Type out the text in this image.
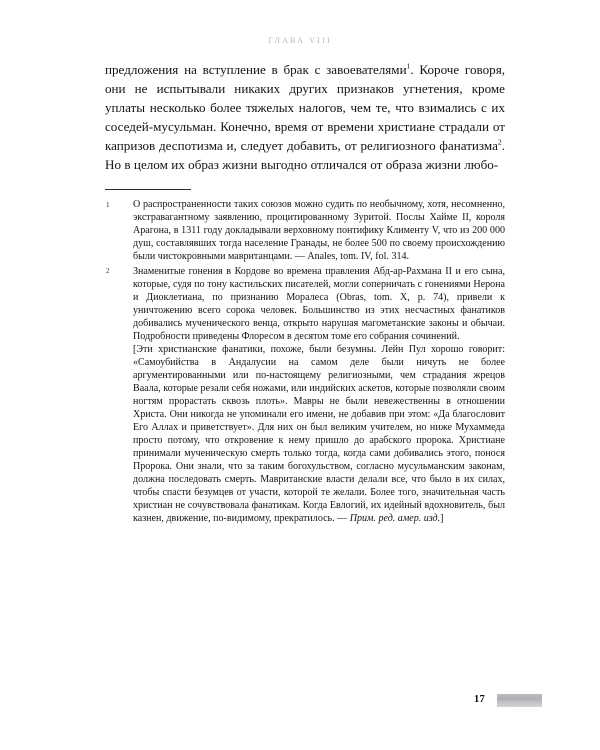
ГЛАВА VIII

предложения на вступление в брак с завоевателями$^1$. Короче говоря, они не испытывали никаких других признаков угнетения, кроме уплаты несколько более тяжелых налогов, чем те, что взимались с их соседей-мусульман. Конечно, время от времени христиане страдали от капризов деспотизма и, следует добавить, от религиозного фанатизма$^2$. Но в целом их образ жизни выгодно отличался от образа жизни любо-

1 О распространенности таких союзов можно судить по необычному, хотя, несомненно, экстравагантному заявлению, процитированному Зуритой. Послы Хайме II, короля Арагона, в 1311 году докладывали верховному понтифику Клименту V, что из 200 000 душ, составлявших тогда население Гранады, не более 500 по своему происхождению были чистокровными мавританцами. — Anales, tom. IV, fol. 314.

2 Знаменитые гонения в Кордове во времена правления Абд-ар-Рахмана II и его сына, которые, судя по тону кастильских писателей, могли соперничать с гонениями Нерона и Диоклетиана, по признанию Моралеса (Obras, tom. X, p. 74), привели к уничтожению всего сорока человек. Большинство из этих несчастных фанатиков добивались мученического венца, открыто нарушая магометанские законы и обычаи. Подробности приведены Флоресом в десятом томе его собрания сочинений.

[Эти христианские фанатики, похоже, были безумны. Лейн Пул хорошо говорит: «Самоубийства в Андалусии на самом деле были ничуть не более аргументированными или по-настоящему религиозными, чем страдания жрецов Ваала, которые резали себя ножами, или индийских аскетов, которые позволяли своим ногтям прорастать сквозь плоть». Мавры не были невежественны в отношении Христа. Они никогда не упоминали его имени, не добавив при этом: «Да благословит Его Аллах и приветствует». Для них он был великим учителем, но ниже Мухаммеда просто потому, что откровение к нему пришло до арабского пророка. Христиане принимали мученическую смерть только тогда, когда сами добивались этого, понося Пророка. Они знали, что за таким богохульством, согласно мусульманским законам, должна последовать смерть. Мавританские власти делали все, что было в их силах, чтобы спасти безумцев от участи, которой те желали. Более того, значительная часть христиан не сочувствовала фанатикам. Когда Евлогий, их идейный вдохновитель, был казнен, движение, по-видимому, прекратилось. — Прим. ред. амер. изд.]

17
